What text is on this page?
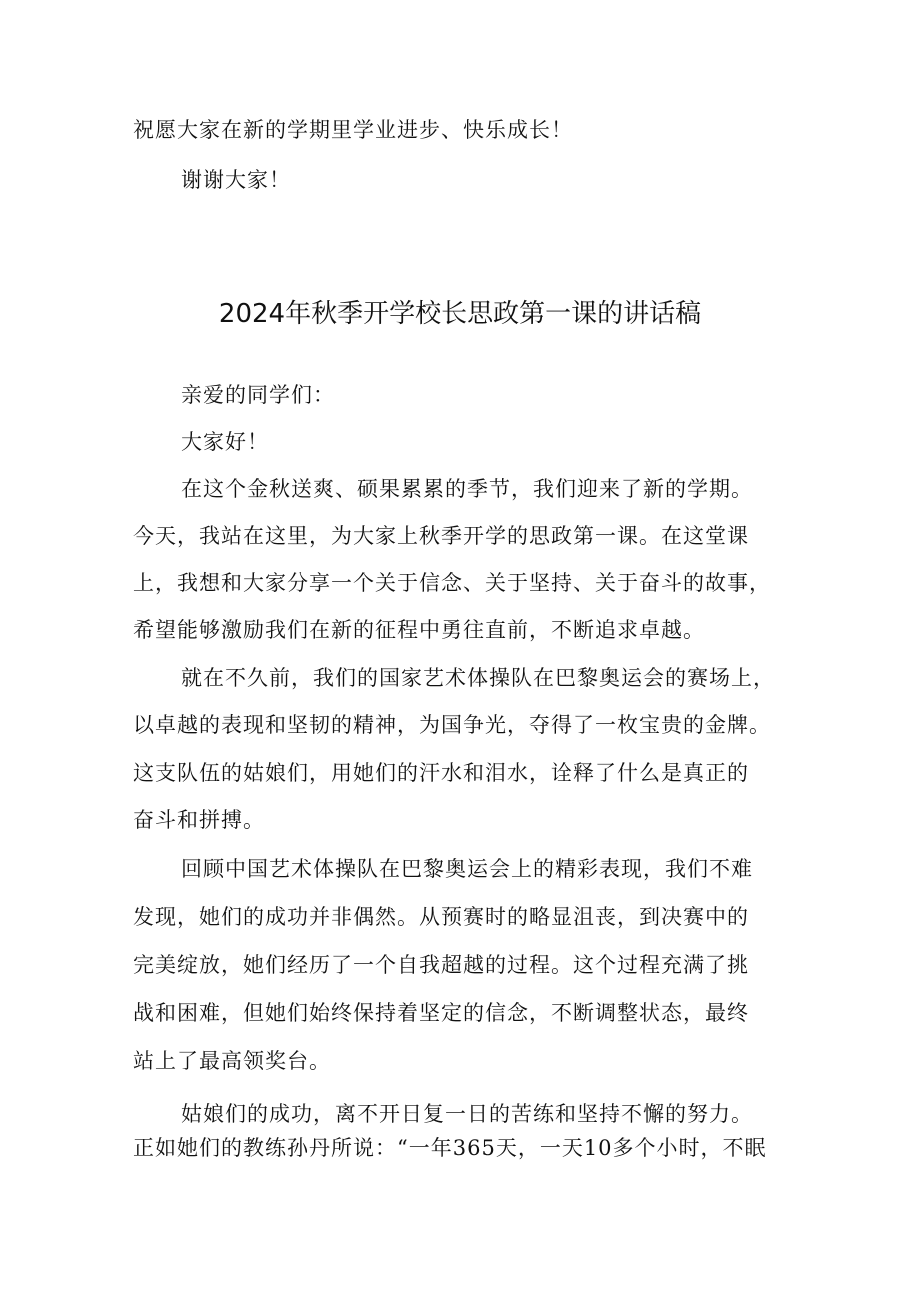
祝愿大家在新的学期里学业进步、快乐成长！
谢谢大家！
2024年秋季开学校长思政第一课的讲话稿
亲爱的同学们：
大家好！
在这个金秋送爽、硕果累累的季节，我们迎来了新的学期。
今天，我站在这里，为大家上秋季开学的思政第一课。在这堂课
上，我想和大家分享一个关于信念、关于坚持、关于奋斗的故事，
希望能够激励我们在新的征程中勇往直前，不断追求卓越。
就在不久前，我们的国家艺术体操队在巴黎奥运会的赛场上，
以卓越的表现和坚韧的精神，为国争光，夺得了一枚宝贵的金牌。
这支队伍的姑娘们，用她们的汗水和泪水，诠释了什么是真正的
奋斗和拼搏。
回顾中国艺术体操队在巴黎奥运会上的精彩表现，我们不难
发现，她们的成功并非偶然。从预赛时的略显沮丧，到决赛中的
完美绽放，她们经历了一个自我超越的过程。这个过程充满了挑
战和困难，但她们始终保持着坚定的信念，不断调整状态，最终
站上了最高领奖台。
姑娘们的成功，离不开日复一日的苦练和坚持不懈的努力。
正如她们的教练孙丹所说：“一年365天，一天10多个小时，不眠
